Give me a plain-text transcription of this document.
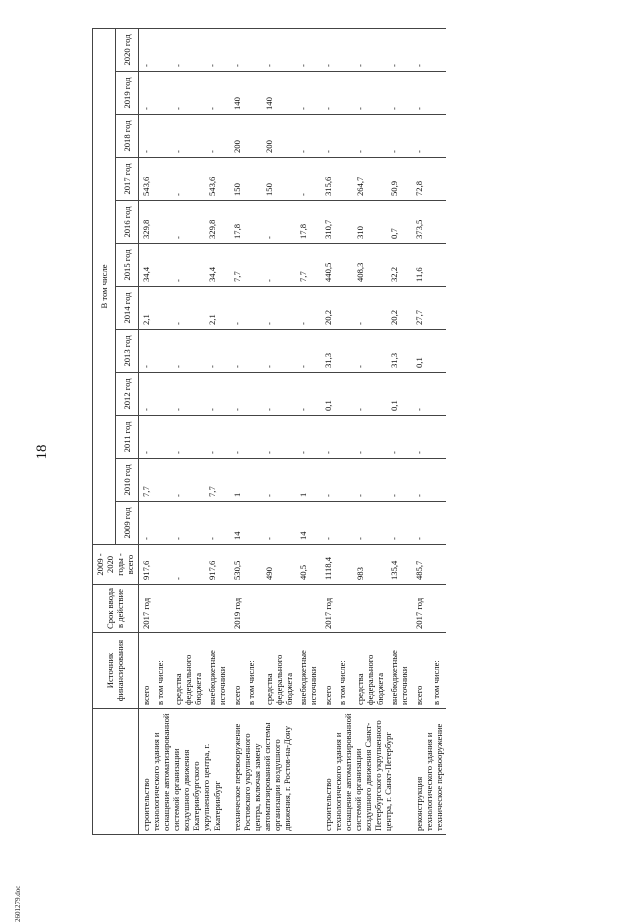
18
2601279.doc
	Источник финансирования	Срок ввода в действие	2009 - 2020 годы - всего	В том числе											
				2009 год	2010 год	2011 год	2012 год	2013 год	2014 год	2015 год	2016 год	2017 год	2018 год	2019 год	2020 год
строительство технологического здания и оснащение автоматизированной системой организации воздушного движения Екатеринбургского укрупненного центра, г. Екатеринбург	всего	2017 год	917,6	-	7,7	-	-	-	2,1	34,4	329,8	543,6	-	-	-
	в том числе:														
	средства федерального бюджета		-	-	-	-	-	-	-	-	-	-	-	-	-
	внебюджетные источники		917,6	-	7,7	-	-	-	2,1	34,4	329,8	543,6	-	-	-
техническое перевооружение Ростовского укрупненного центра, включая замену автоматизированной системы организации воздушного движения, г. Ростов-на-Дону	всего	2019 год	530,5	14	1	-	-	-	-	7,7	17,8	150	200	140	-
	в том числе:														
	средства федерального бюджета		490	-	-	-	-	-	-	-	-	150	200	140	-
	внебюджетные источники		40,5	14	1	-	-	-	-	7,7	17,8	-	-	-	-
строительство технологического здания и оснащение автоматизированной системой организации воздушного движения Санкт-Петербургского укрупненного центра, г. Санкт-Петербург	всего	2017 год	1118,4	-	-	-	0,1	31,3	20,2	440,5	310,7	315,6	-	-	-
	в том числе:														
	средства федерального бюджета		983	-	-	-	-	-	-	408,3	310	264,7	-	-	-
	внебюджетные источники		135,4	-	-	-	0,1	31,3	20,2	32,2	0,7	50,9	-	-	-
реконструкция технологического здания и техническое перевооружение	всего	2017 год	485,7	-	-	-	-	0,1	27,7	11,6	373,5	72,8	-	-	-
	в том числе:														
